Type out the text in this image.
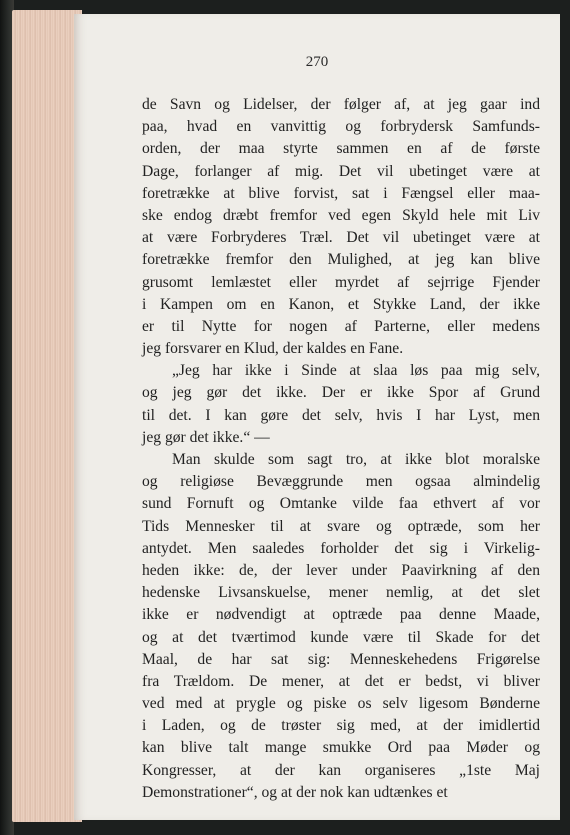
270

de Savn og Lidelser, der følger af, at jeg gaar ind
paa, hvad en vanvittig og forbrydersk Samfunds-
orden, der maa styrte sammen en af de første
Dage, forlanger af mig. Det vil ubetinget være at
foretrække at blive forvist, sat i Fængsel eller maa-
ske endog dræbt fremfor ved egen Skyld hele mit Liv
at være Forbryderes Træl. Det vil ubetinget være at
foretrække fremfor den Mulighed, at jeg kan blive
grusomt lemlæstet eller myrdet af sejrrige Fjender
i Kampen om en Kanon, et Stykke Land, der ikke
er til Nytte for nogen af Parterne, eller medens
jeg forsvarer en Klud, der kaldes en Fane.
„Jeg har ikke i Sinde at slaa løs paa mig selv,
og jeg gør det ikke. Der er ikke Spor af Grund
til det. I kan gøre det selv, hvis I har Lyst, men
jeg gør det ikke.“ —
Man skulde som sagt tro, at ikke blot moralske
og religiøse Bevæggrunde men ogsaa almindelig
sund Fornuft og Omtanke vilde faa ethvert af vor
Tids Mennesker til at svare og optræde, som her
antydet. Men saaledes forholder det sig i Virkelig-
heden ikke: de, der lever under Paavirkning af den
hedenske Livsanskuelse, mener nemlig, at det slet
ikke er nødvendigt at optræde paa denne Maade,
og at det tværtimod kunde være til Skade for det
Maal, de har sat sig: Menneskehedens Frigørelse
fra Trældom. De mener, at det er bedst, vi bliver
ved med at prygle og piske os selv ligesom Bønderne
i Laden, og de trøster sig med, at der imidlertid
kan blive talt mange smukke Ord paa Møder og
Kongresser, at der kan organiseres „1ste Maj
Demonstrationer“, og at der nok kan udtænkes et
